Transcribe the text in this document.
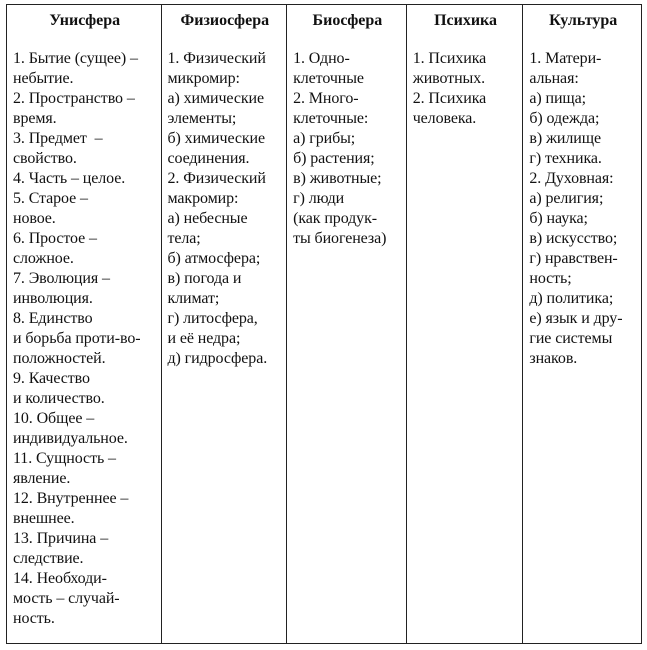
Унисфера
1. Бытие (сущее) –
небытие.
2. Пространство –
время.
3. Предмет  –
свойство.
4. Часть – целое.
5. Старое –
новое.
6. Простое –
сложное.
7. Эволюция –
инволюция.
8. Единство
и борьба проти-во-
положностей.
9. Качество
и количество.
10. Общее –
индивидуальное.
11. Сущность –
явление.
12. Внутреннее –
внешнее.
13. Причина –
следствие.
14. Необходи-
мость – случай-
ность.
Физиосфера
1. Физический
микромир:
а) химические
элементы;
б) химические
соединения.
2. Физический
макромир:
а) небесные
тела;
б) атмосфера;
в) погода и
климат;
г) литосфера,
и её недра;
д) гидросфера.
Биосфера
1. Одно-
клеточные
2. Много-
клеточные:
а) грибы;
б) растения;
в) животные;
г) люди
(как продук-
ты биогенеза)
Психика
1. Психика
животных.
2. Психика
человека.
Культура
1. Матери-
альная:
а) пища;
б) одежда;
в) жилище
г) техника.
2. Духовная:
а) религия;
б) наука;
в) искусство;
г) нравствен-
ность;
д) политика;
е) язык и дру-
гие системы
знаков.
